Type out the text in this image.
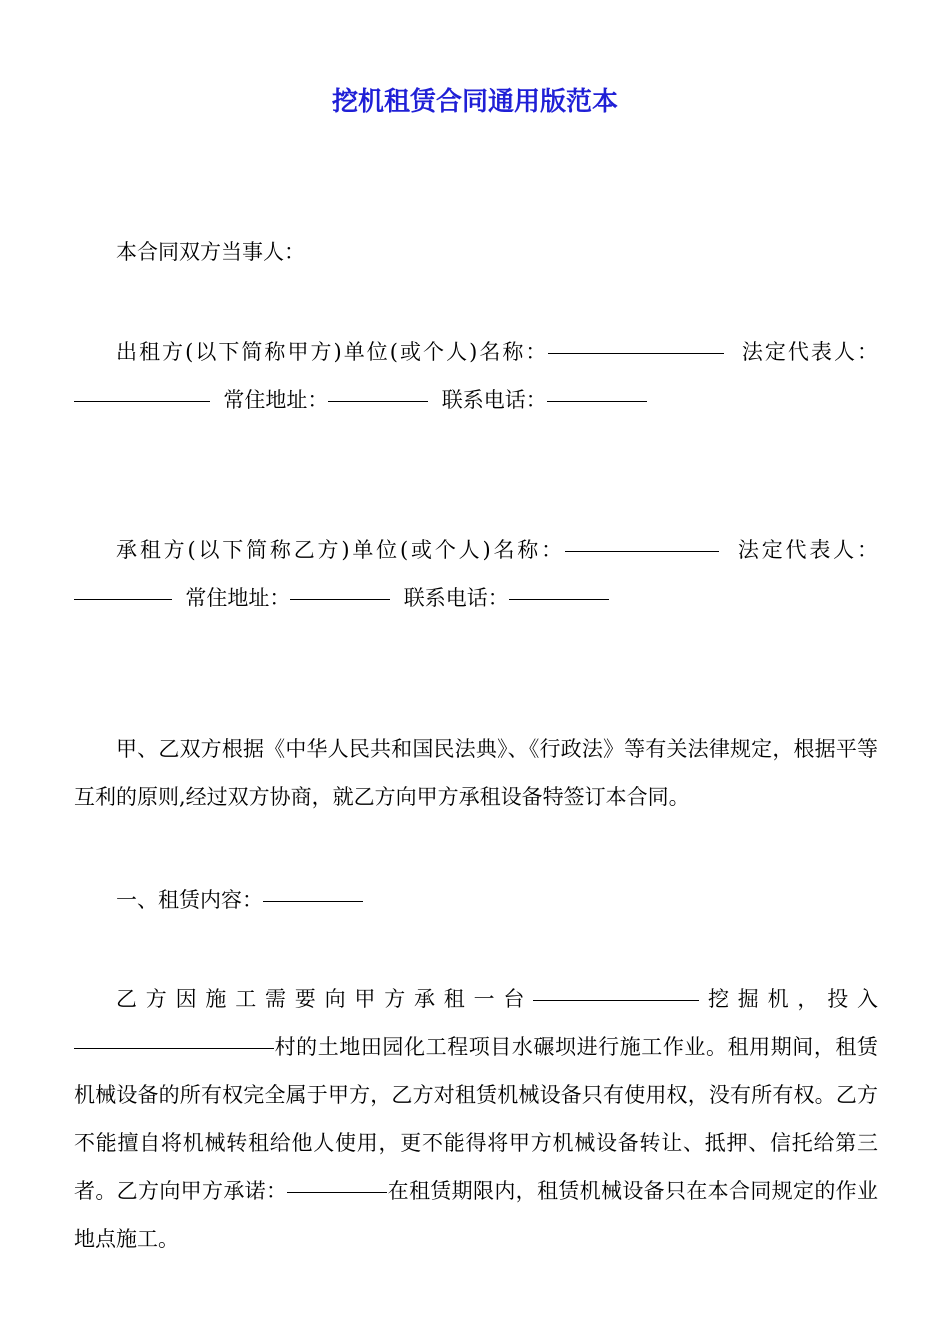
挖机租赁合同通用版范本

本合同双方当事人：

出租方(以下简称甲方)单位(或个人)名称：	法定代表人：  常住地址：	联系电话：

承租方(以下简称乙方)单位(或个人)名称：	法定代表人：  常住地址：	联系电话：

甲、乙双方根据《中华人民共和国民法典》、《行政法》等有关法律规定，根据平等互利的原则,经过双方协商，就乙方向甲方承租设备特签订本合同。

一、租赁内容：

乙方因施工需要向甲方承租一台	挖掘机，投入村的土地田园化工程项目水碾坝进行施工作业。租用期间，租赁机械设备的所有权完全属于甲方，乙方对租赁机械设备只有使用权，没有所有权。乙方不能擅自将机械转租给他人使用，更不能得将甲方机械设备转让、抵押、信托给第三者。乙方向甲方承诺：	在租赁期限内，租赁机械设备只在本合同规定的作业地点施工。
